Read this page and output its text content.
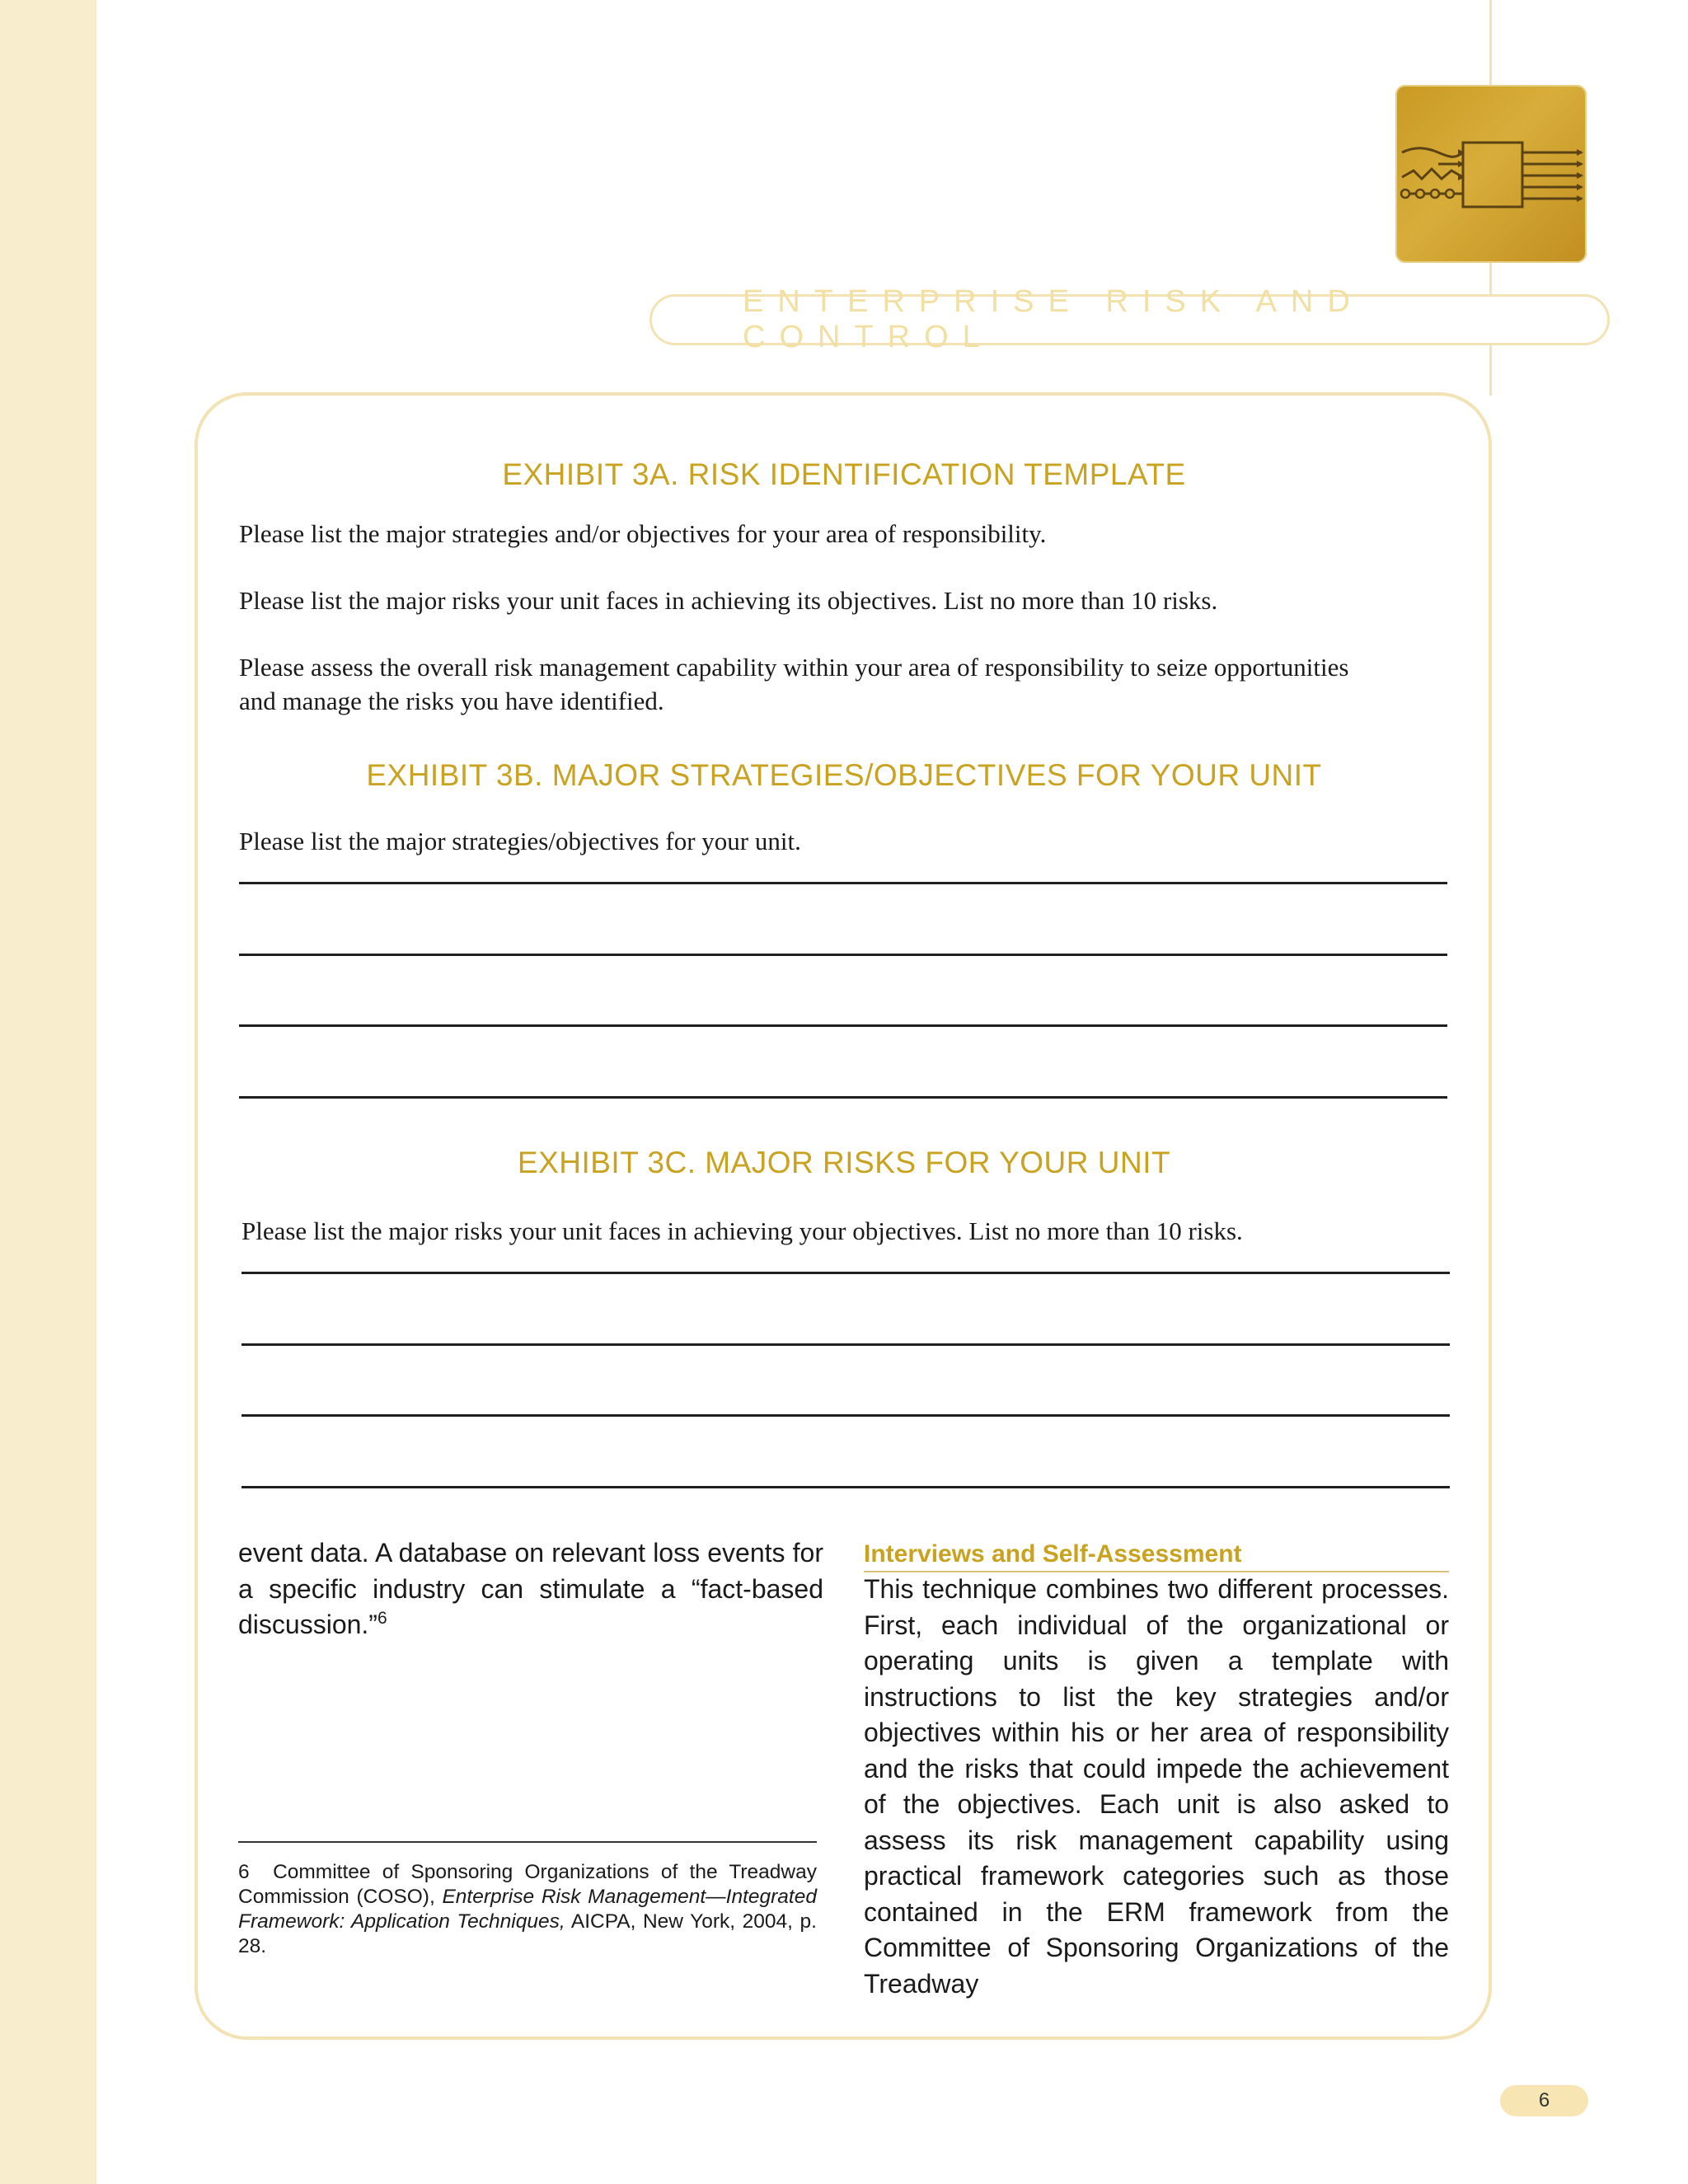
ENTERPRISE RISK AND CONTROL
EXHIBIT 3A. RISK IDENTIFICATION TEMPLATE
Please list the major strategies and/or objectives for your area of responsibility.
Please list the major risks your unit faces in achieving its objectives. List no more than 10 risks.
Please assess the overall risk management capability within your area of responsibility to seize opportunities
and manage the risks you have identified.
EXHIBIT 3B. MAJOR STRATEGIES/OBJECTIVES FOR YOUR UNIT
Please list the major strategies/objectives for your unit.
EXHIBIT 3C. MAJOR RISKS FOR YOUR UNIT
Please list the major risks your unit faces in achieving your objectives. List no more than 10 risks.
event data. A database on relevant loss events for a specific industry can stimulate a “fact-based discussion.”$^6$
Interviews and Self-Assessment
This technique combines two different processes. First, each individual of the organizational or operating units is given a template with instructions to list the key strategies and/or objectives within his or her area of responsibility and the risks that could impede the achievement of the objectives. Each unit is also asked to assess its risk management capability using practical framework categories such as those contained in the ERM framework from the Committee of Sponsoring Organizations of the Treadway
6 Committee of Sponsoring Organizations of the Treadway Commission (COSO), Enterprise Risk Management—Integrated Framework: Application Techniques, AICPA, New York, 2004, p. 28.
6
